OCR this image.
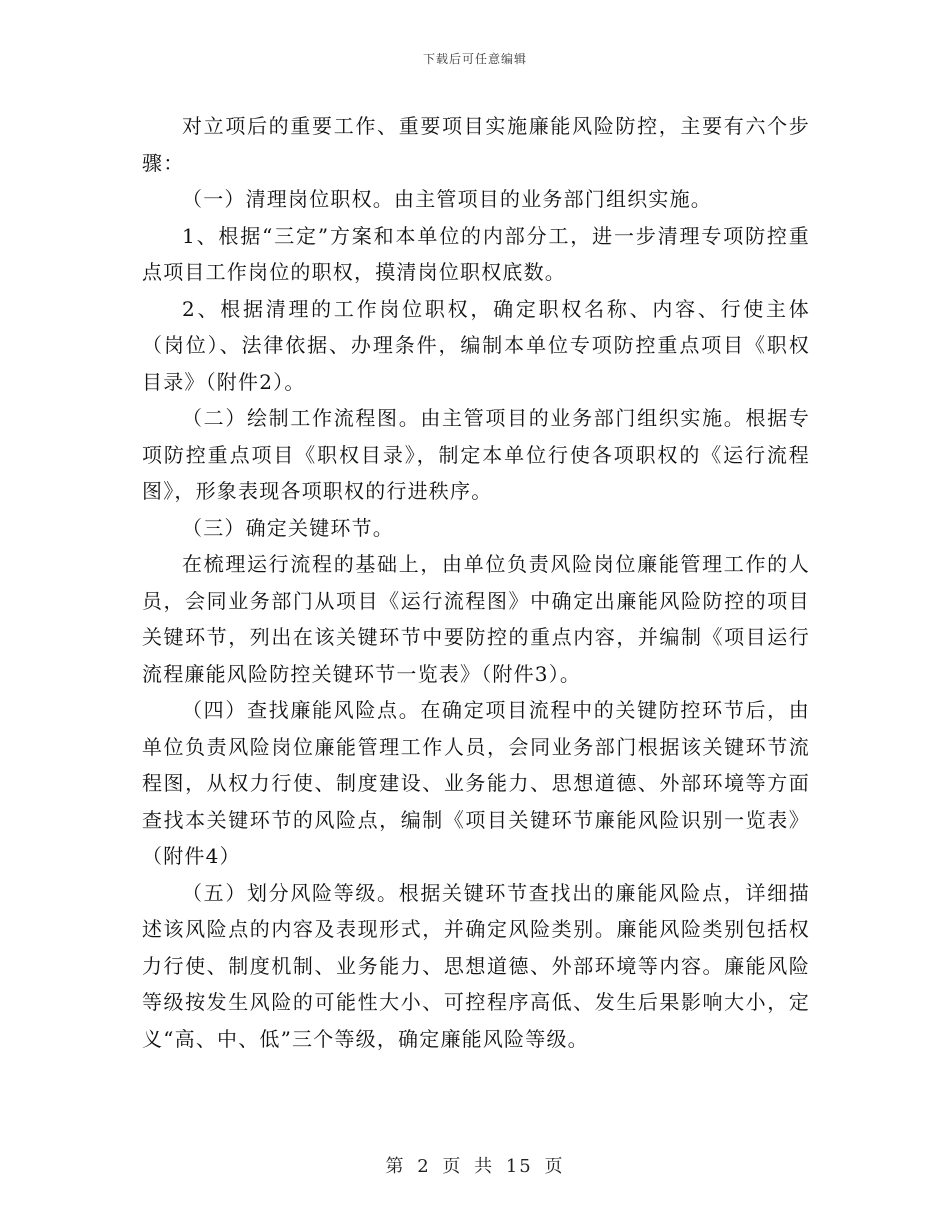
下载后可任意编辑

对立项后的重要工作、重要项目实施廉能风险防控，主要有六个步骤：

（一）清理岗位职权。由主管项目的业务部门组织实施。

1、根据“三定”方案和本单位的内部分工，进一步清理专项防控重点项目工作岗位的职权，摸清岗位职权底数。

2、根据清理的工作岗位职权，确定职权名称、内容、行使主体（岗位）、法律依据、办理条件，编制本单位专项防控重点项目《职权目录》（附件2）。

（二）绘制工作流程图。由主管项目的业务部门组织实施。根据专项防控重点项目《职权目录》，制定本单位行使各项职权的《运行流程图》，形象表现各项职权的行进秩序。

（三）确定关键环节。

在梳理运行流程的基础上，由单位负责风险岗位廉能管理工作的人员，会同业务部门从项目《运行流程图》中确定出廉能风险防控的项目关键环节，列出在该关键环节中要防控的重点内容，并编制《项目运行流程廉能风险防控关键环节一览表》（附件3）。

（四）查找廉能风险点。在确定项目流程中的关键防控环节后，由单位负责风险岗位廉能管理工作人员，会同业务部门根据该关键环节流程图，从权力行使、制度建设、业务能力、思想道德、外部环境等方面查找本关键环节的风险点，编制《项目关键环节廉能风险识别一览表》（附件4）

（五）划分风险等级。根据关键环节查找出的廉能风险点，详细描述该风险点的内容及表现形式，并确定风险类别。廉能风险类别包括权力行使、制度机制、业务能力、思想道德、外部环境等内容。廉能风险等级按发生风险的可能性大小、可控程序高低、发生后果影响大小，定义“高、中、低”三个等级，确定廉能风险等级。

第 2 页 共 15 页
